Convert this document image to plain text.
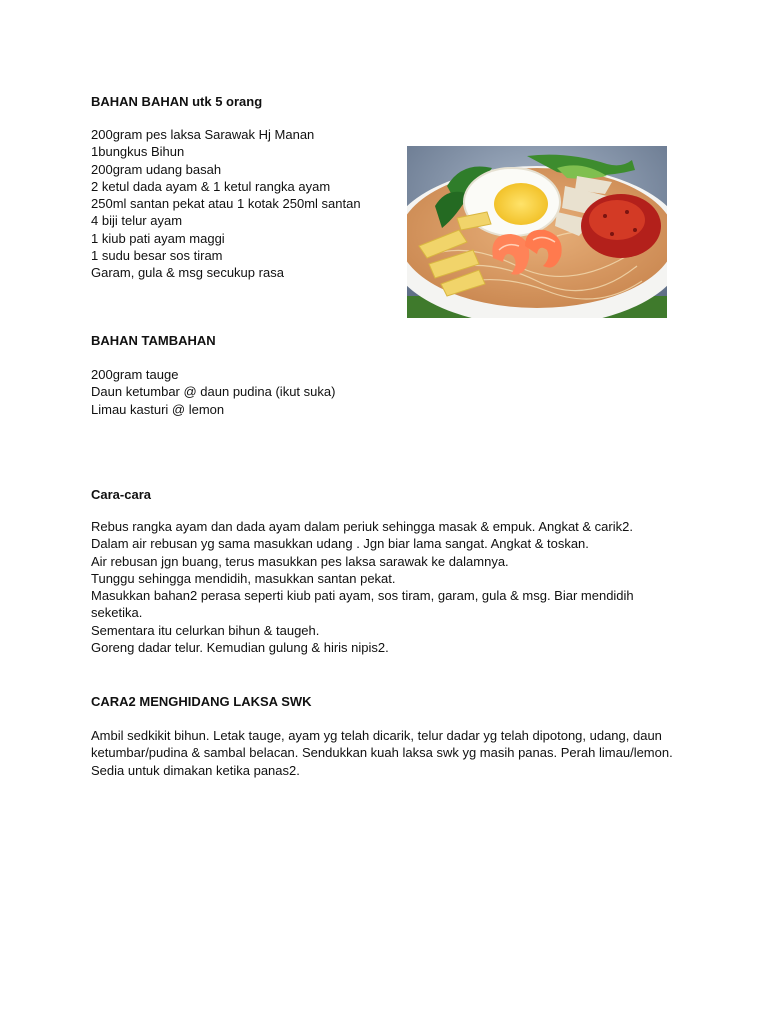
BAHAN BAHAN utk 5 orang
200gram pes laksa Sarawak Hj Manan
1bungkus Bihun
200gram udang basah
2 ketul dada ayam & 1 ketul rangka ayam
250ml santan pekat atau 1 kotak 250ml santan
4 biji telur ayam
1 kiub pati ayam maggi
1 sudu besar sos tiram
Garam, gula & msg secukup rasa
BAHAN TAMBAHAN
200gram tauge
Daun ketumbar @ daun pudina (ikut suka)
Limau kasturi @ lemon
Cara-cara
Rebus rangka ayam dan dada ayam dalam periuk sehingga masak & empuk. Angkat & carik2.
Dalam air rebusan yg sama masukkan udang . Jgn biar lama sangat. Angkat & toskan.
Air rebusan jgn buang, terus masukkan pes laksa sarawak ke dalamnya.
Tunggu sehingga mendidih, masukkan santan pekat.
Masukkan bahan2 perasa seperti kiub pati ayam, sos tiram, garam, gula & msg. Biar mendidih seketika.
Sementara itu celurkan bihun & taugeh.
Goreng dadar telur. Kemudian gulung & hiris nipis2.
CARA2 MENGHIDANG LAKSA SWK
Ambil sedkikit bihun. Letak tauge, ayam yg telah dicarik, telur dadar yg telah dipotong, udang, daun ketumbar/pudina & sambal belacan. Sendukkan kuah laksa swk yg masih panas. Perah limau/lemon. Sedia untuk dimakan ketika panas2.
